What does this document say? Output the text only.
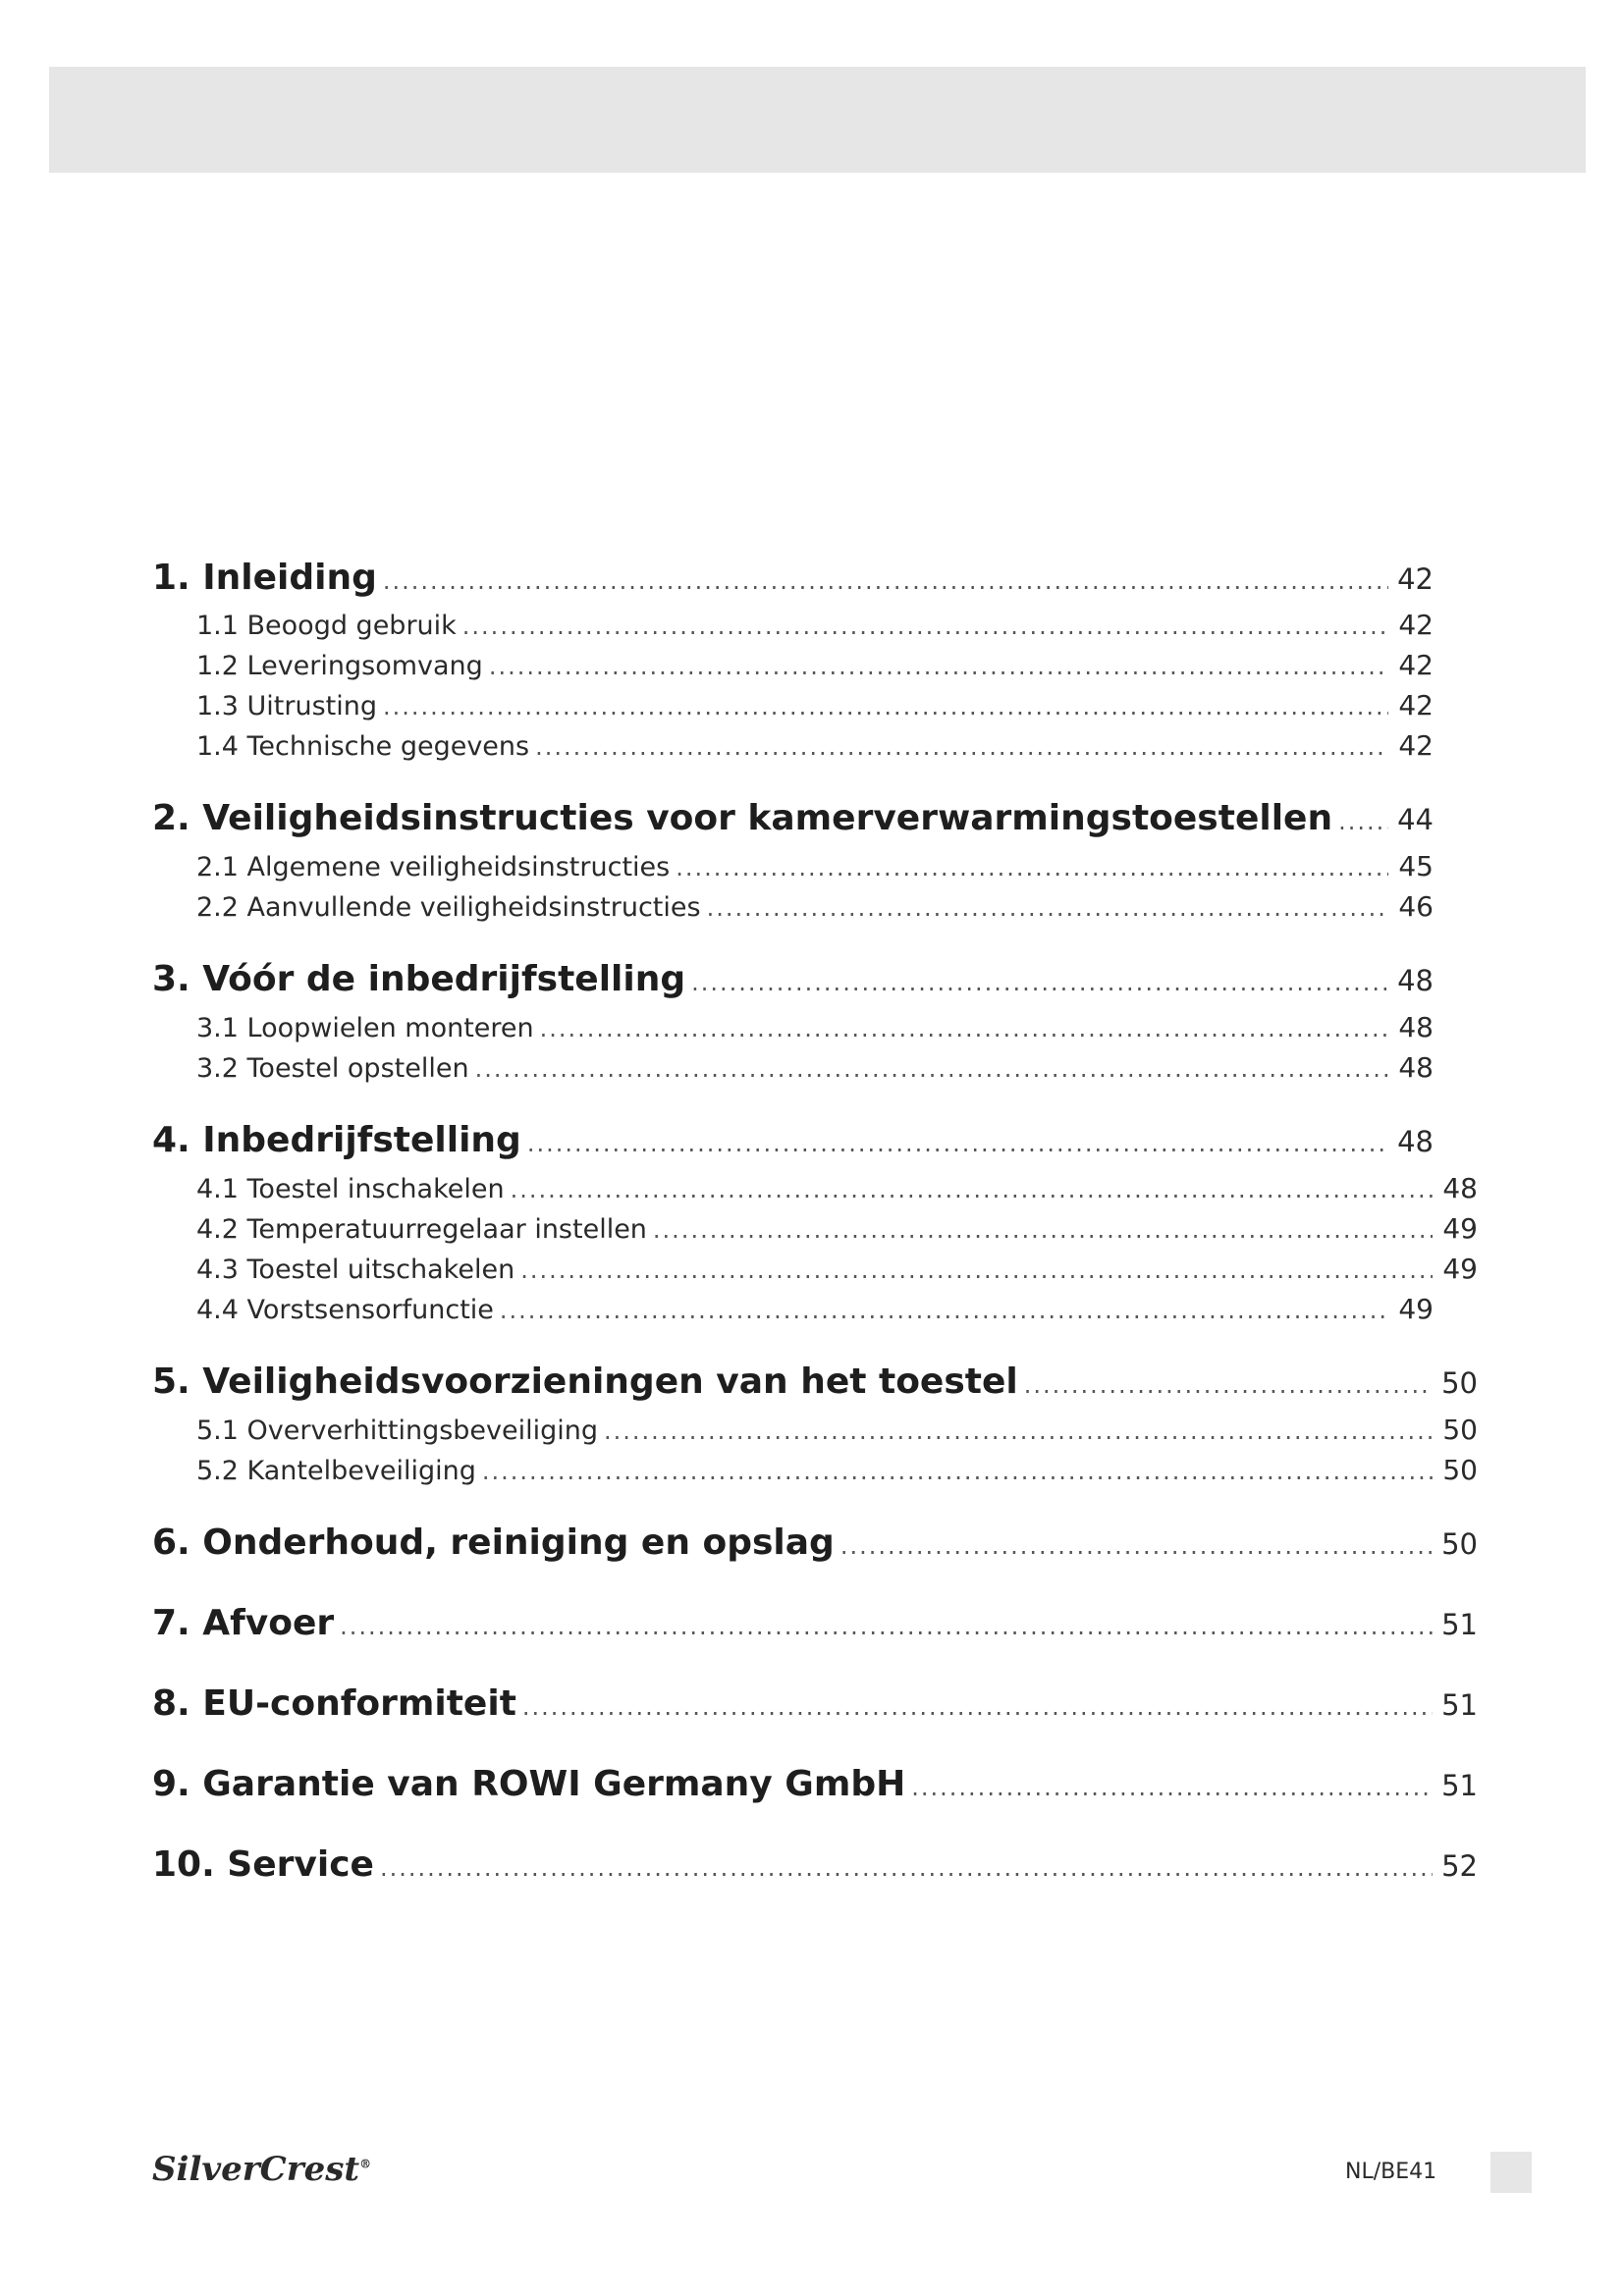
1. Inleiding .....	42
1.1 Beoogd gebruik .....	42
1.2 Leveringsomvang .....	42
1.3 Uitrusting .....	42
1.4 Technische gegevens .....	42
2. Veiligheidsinstructies voor kamerverwarmingstoestellen ..... 44
2.1 Algemene veiligheidsinstructies .....	45
2.2 Aanvullende veiligheidsinstructies .....	46
3. Vóór de inbedrijfstelling .....	48
3.1 Loopwielen monteren .....	48
3.2 Toestel opstellen .....	48
4. Inbedrijfstelling .....	48
4.1 Toestel inschakelen .....	48
4.2 Temperatuurregelaar instellen .....	49
4.3 Toestel uitschakelen .....	49
4.4 Vorstsensorfunctie .....	49
5. Veiligheidsvoorzieningen van het toestel .....	50
5.1 Oververhittingsbeveiliging .....	50
5.2 Kantelbeveiliging .....	50
6. Onderhoud, reiniging en opslag .....	50
7. Afvoer .....	51
8. EU-conformiteit .....	51
9. Garantie van ROWI Germany GmbH .....	51
10. Service .....	52
SilverCrest®	NL/BE41
